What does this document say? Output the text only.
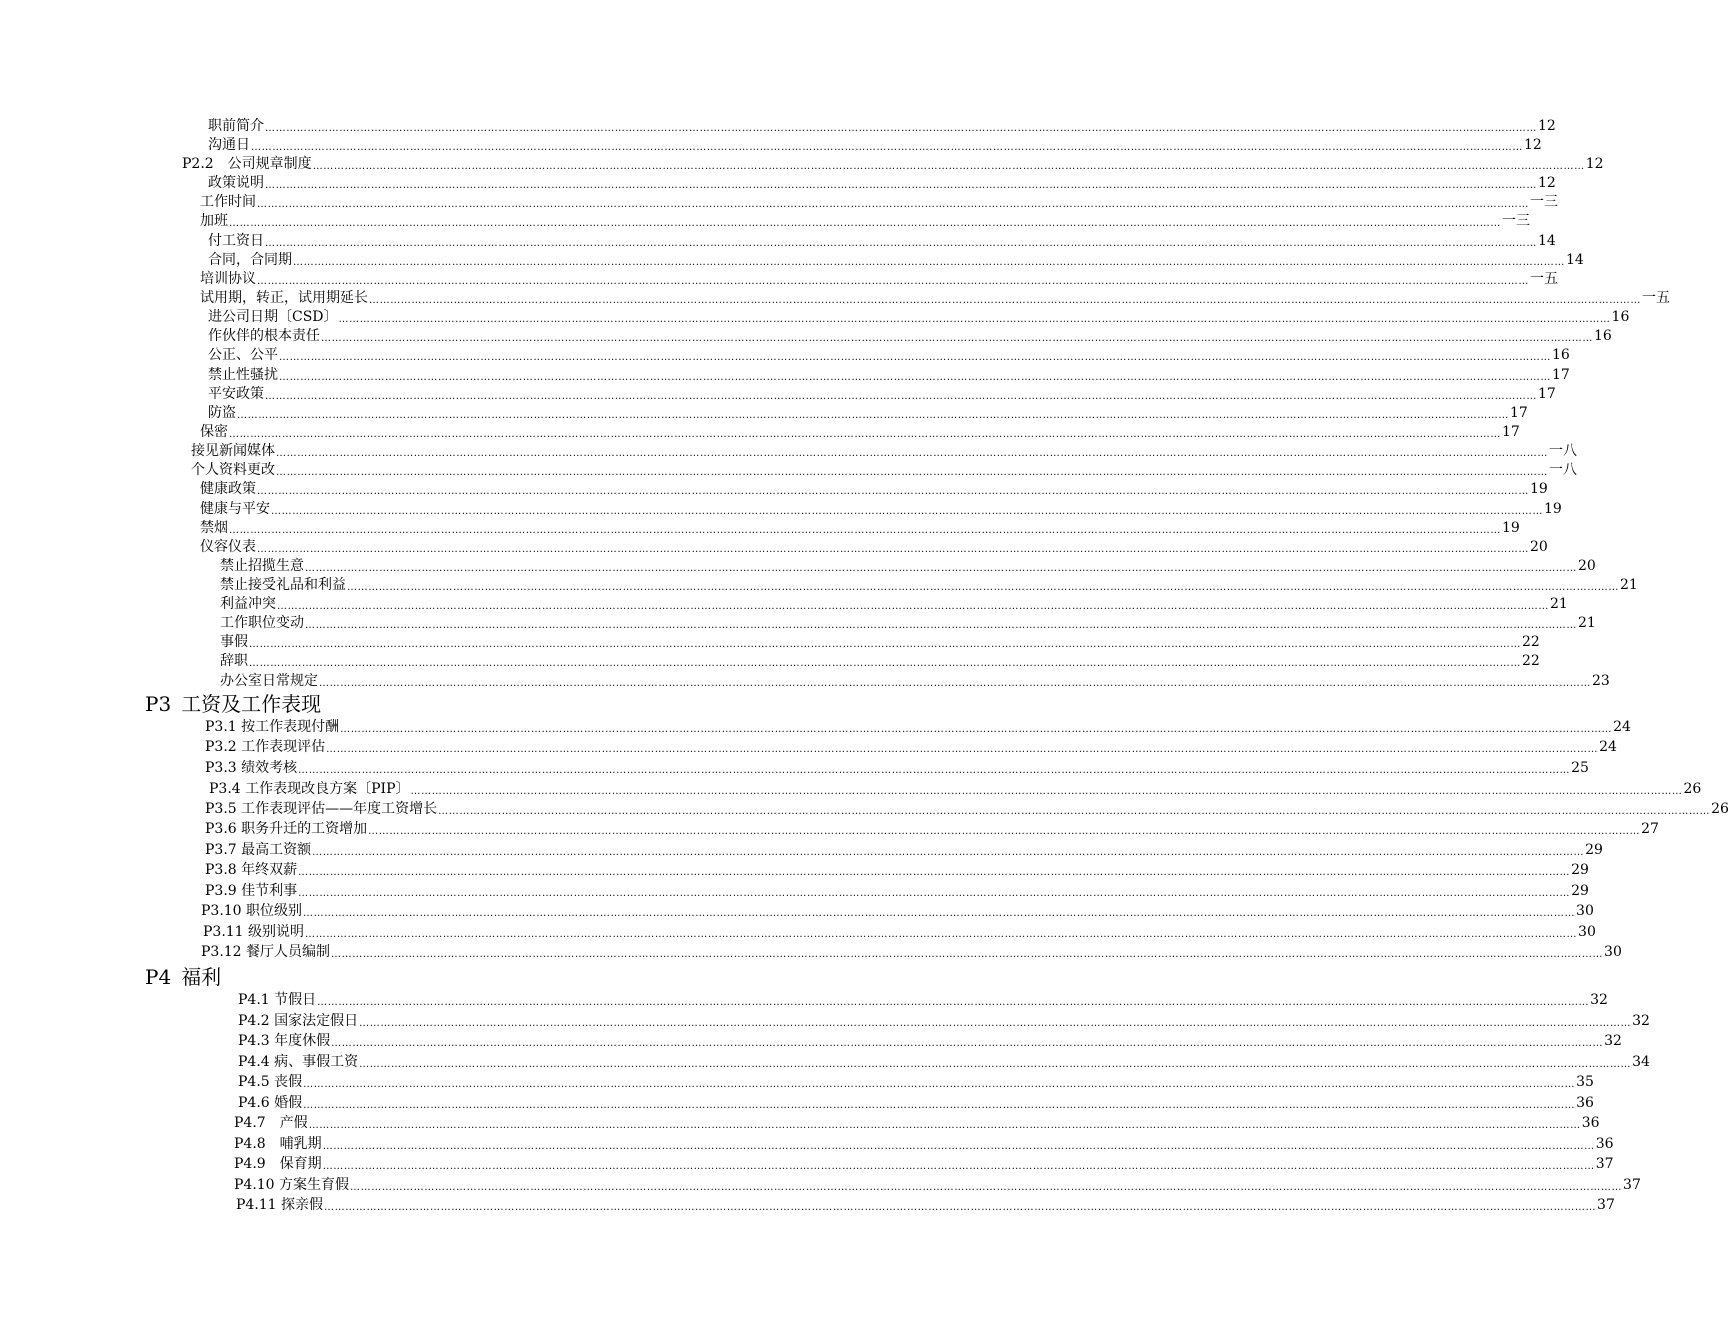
职前简介 ……………………………………………………………………………………………………………………………………………………………………………………………………………………………………………………………………………………………………………………………… 12
沟通日 ……………………………………………………………………………………………………………………………………………………………………………………………………………………………………………………………………………………………………………………………… 12
P2.2　公司规章制度 ……………………………………………………………………………………………………………………………………………………………………………………………………………………………………………………………………………………………………………………………… 12
政策说明 ……………………………………………………………………………………………………………………………………………………………………………………………………………………………………………………………………………………………………………………………… 12
工作时间 ……………………………………………………………………………………………………………………………………………………………………………………………………………………………………………………………………………………………………………………………… 一三
加班 ……………………………………………………………………………………………………………………………………………………………………………………………………………………………………………………………………………………………………………………………… 一三
付工资日 ……………………………………………………………………………………………………………………………………………………………………………………………………………………………………………………………………………………………………………………………… 14
合同，合同期 ……………………………………………………………………………………………………………………………………………………………………………………………………………………………………………………………………………………………………………………………… 14
培训协议 ……………………………………………………………………………………………………………………………………………………………………………………………………………………………………………………………………………………………………………………………… 一五
试用期，转正，试用期延长 ……………………………………………………………………………………………………………………………………………………………………………………………………………………………………………………………………………………………………………………………… 一五
进公司日期〔CSD〕 ……………………………………………………………………………………………………………………………………………………………………………………………………………………………………………………………………………………………………………………………… 16
作伙伴的根本责任 ……………………………………………………………………………………………………………………………………………………………………………………………………………………………………………………………………………………………………………………………… 16
公正、公平 ……………………………………………………………………………………………………………………………………………………………………………………………………………………………………………………………………………………………………………………………… 16
禁止性骚扰 ……………………………………………………………………………………………………………………………………………………………………………………………………………………………………………………………………………………………………………………………… 17
平安政策 ……………………………………………………………………………………………………………………………………………………………………………………………………………………………………………………………………………………………………………………………… 17
防盗 ……………………………………………………………………………………………………………………………………………………………………………………………………………………………………………………………………………………………………………………………… 17
保密 ……………………………………………………………………………………………………………………………………………………………………………………………………………………………………………………………………………………………………………………………… 17
接见新闻媒体 ……………………………………………………………………………………………………………………………………………………………………………………………………………………………………………………………………………………………………………………………… 一八
个人资料更改 ……………………………………………………………………………………………………………………………………………………………………………………………………………………………………………………………………………………………………………………………… 一八
健康政策 ……………………………………………………………………………………………………………………………………………………………………………………………………………………………………………………………………………………………………………………………… 19
健康与平安 ……………………………………………………………………………………………………………………………………………………………………………………………………………………………………………………………………………………………………………………………… 19
禁烟 ……………………………………………………………………………………………………………………………………………………………………………………………………………………………………………………………………………………………………………………………… 19
仪容仪表 ……………………………………………………………………………………………………………………………………………………………………………………………………………………………………………………………………………………………………………………………… 20
禁止招揽生意 ……………………………………………………………………………………………………………………………………………………………………………………………………………………………………………………………………………………………………………………………… 20
禁止接受礼品和利益 ……………………………………………………………………………………………………………………………………………………………………………………………………………………………………………………………………………………………………………………………… 21
利益冲突 ……………………………………………………………………………………………………………………………………………………………………………………………………………………………………………………………………………………………………………………………… 21
工作职位变动 ……………………………………………………………………………………………………………………………………………………………………………………………………………………………………………………………………………………………………………………………… 21
事假 ……………………………………………………………………………………………………………………………………………………………………………………………………………………………………………………………………………………………………………………………… 22
辞职 ……………………………………………………………………………………………………………………………………………………………………………………………………………………………………………………………………………………………………………………………… 22
办公室日常规定 ……………………………………………………………………………………………………………………………………………………………………………………………………………………………………………………………………………………………………………………………… 23
P3 工资及工作表现
P3.1 按工作表现付酬 ……………………………………………………………………………………………………………………………………………………………………………………………………………………………………………………………………………………………………………………………… 24
P3.2 工作表现评估 ……………………………………………………………………………………………………………………………………………………………………………………………………………………………………………………………………………………………………………………………… 24
P3.3 绩效考核 ……………………………………………………………………………………………………………………………………………………………………………………………………………………………………………………………………………………………………………………………… 25
P3.4 工作表现改良方案〔PIP〕 ……………………………………………………………………………………………………………………………………………………………………………………………………………………………………………………………………………………………………………………………… 26
P3.5 工作表现评估——年度工资增长 ……………………………………………………………………………………………………………………………………………………………………………………………………………………………………………………………………………………………………………………………… 26
P3.6 职务升迁的工资增加 ……………………………………………………………………………………………………………………………………………………………………………………………………………………………………………………………………………………………………………………………… 27
P3.7 最高工资额 ……………………………………………………………………………………………………………………………………………………………………………………………………………………………………………………………………………………………………………………………… 29
P3.8 年终双薪 ……………………………………………………………………………………………………………………………………………………………………………………………………………………………………………………………………………………………………………………………… 29
P3.9 佳节利事 ……………………………………………………………………………………………………………………………………………………………………………………………………………………………………………………………………………………………………………………………… 29
P3.10 职位级别 ……………………………………………………………………………………………………………………………………………………………………………………………………………………………………………………………………………………………………………………………… 30
P3.11 级别说明 ……………………………………………………………………………………………………………………………………………………………………………………………………………………………………………………………………………………………………………………………… 30
P3.12 餐厅人员编制 ……………………………………………………………………………………………………………………………………………………………………………………………………………………………………………………………………………………………………………………………… 30
P4 福利
P4.1 节假日 ……………………………………………………………………………………………………………………………………………………………………………………………………………………………………………………………………………………………………………………………… 32
P4.2 国家法定假日 ……………………………………………………………………………………………………………………………………………………………………………………………………………………………………………………………………………………………………………………………… 32
P4.3 年度休假 ……………………………………………………………………………………………………………………………………………………………………………………………………………………………………………………………………………………………………………………………… 32
P4.4 病、事假工资 ……………………………………………………………………………………………………………………………………………………………………………………………………………………………………………………………………………………………………………………………… 34
P4.5 丧假 ……………………………………………………………………………………………………………………………………………………………………………………………………………………………………………………………………………………………………………………………… 35
P4.6 婚假 ……………………………………………………………………………………………………………………………………………………………………………………………………………………………………………………………………………………………………………………………… 36
P4.7　产假 ……………………………………………………………………………………………………………………………………………………………………………………………………………………………………………………………………………………………………………………………… 36
P4.8　哺乳期 ……………………………………………………………………………………………………………………………………………………………………………………………………………………………………………………………………………………………………………………………… 36
P4.9　保育期 ……………………………………………………………………………………………………………………………………………………………………………………………………………………………………………………………………………………………………………………………… 37
P4.10 方案生育假 ……………………………………………………………………………………………………………………………………………………………………………………………………………………………………………………………………………………………………………………………… 37
P4.11 探亲假 ……………………………………………………………………………………………………………………………………………………………………………………………………………………………………………………………………………………………………………………………… 37
